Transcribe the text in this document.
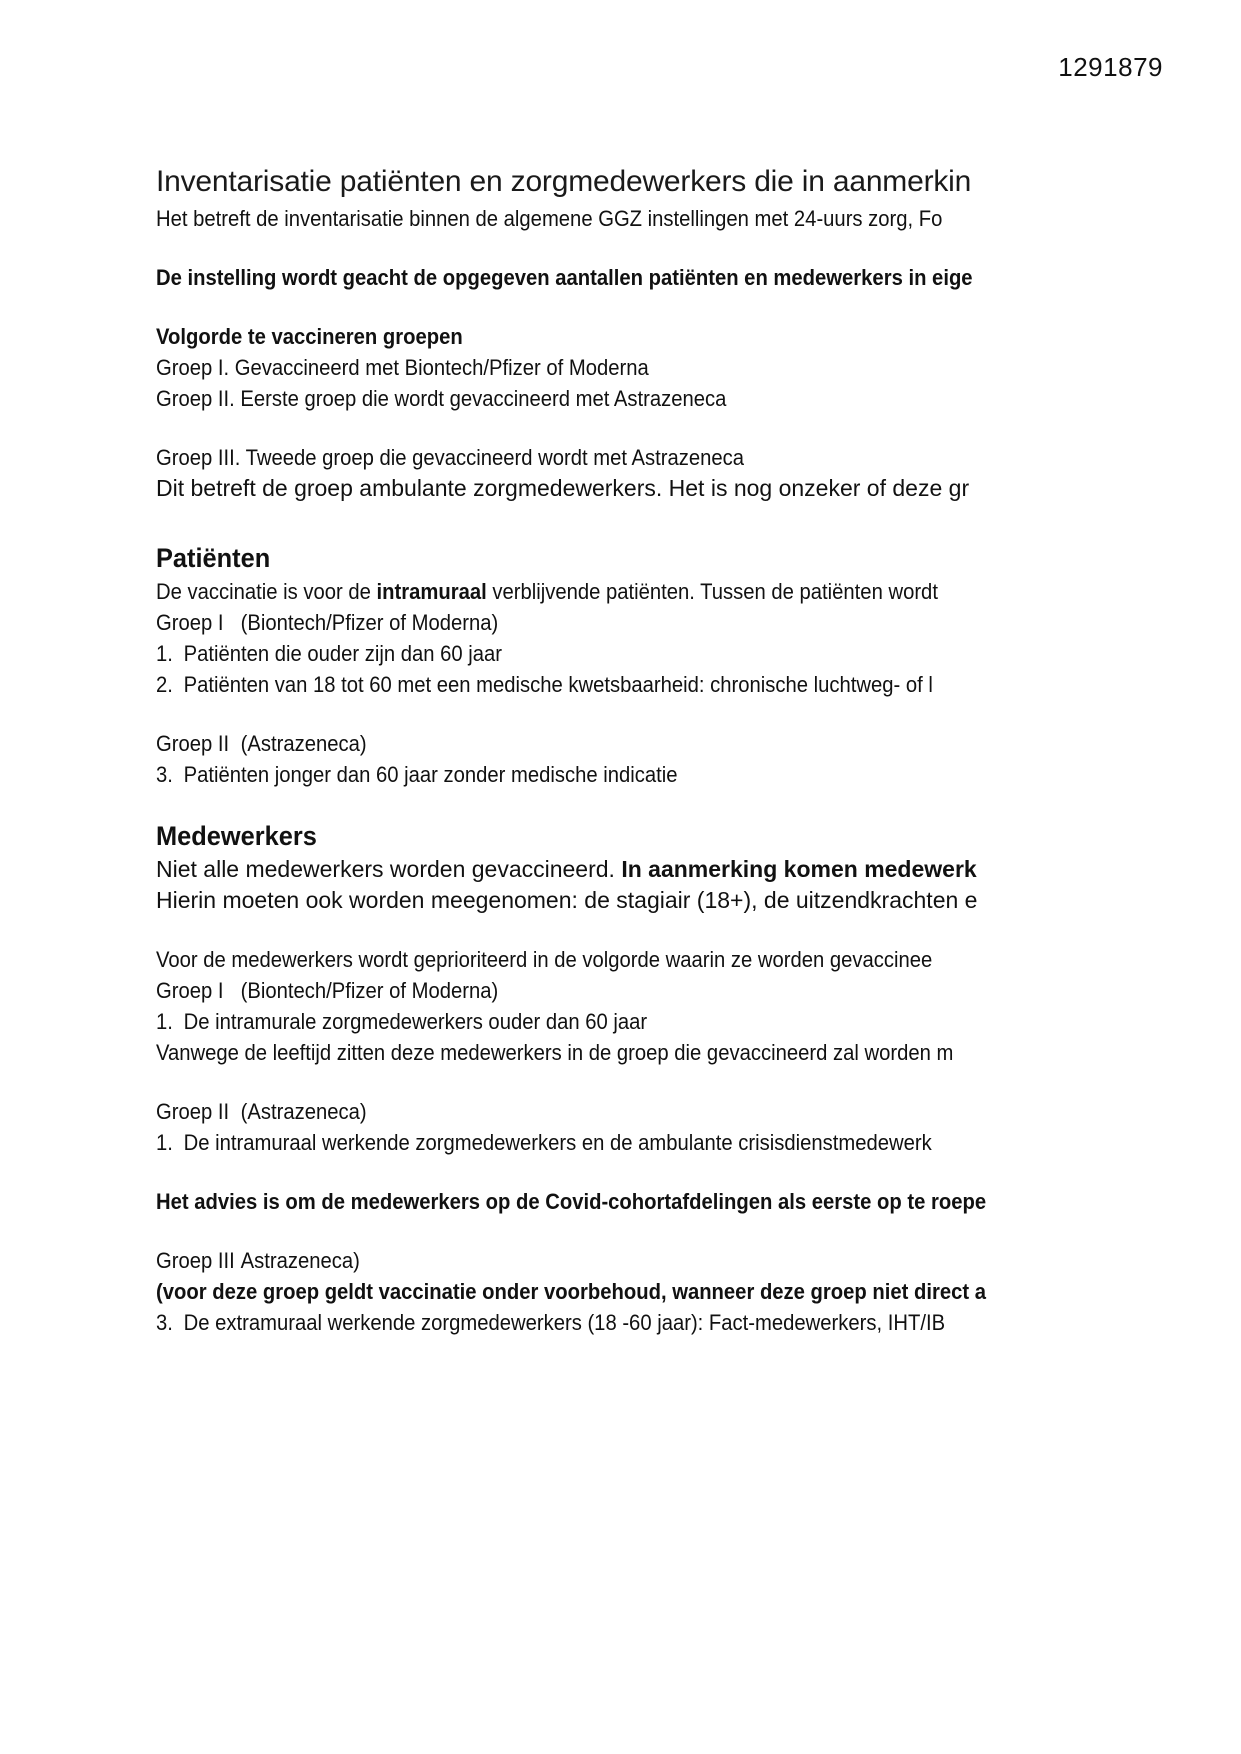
1291879
Inventarisatie patiënten en zorgmedewerkers die in aanmerkin

Het betreft de inventarisatie binnen de algemene GGZ instellingen met 24-uurs zorg, Fo

De instelling wordt geacht de opgegeven aantallen patiënten en medewerkers in eige

Volgorde te vaccineren groepen

Groep I. Gevaccineerd met Biontech/Pfizer of Moderna

Groep II. Eerste groep die wordt gevaccineerd met Astrazeneca

Groep III. Tweede groep die gevaccineerd wordt met Astrazeneca

Dit betreft de groep ambulante zorgmedewerkers. Het is nog onzeker of deze gr

Patiënten

De vaccinatie is voor de intramuraal verblijvende patiënten. Tussen de patiënten wordt

Groep I (Biontech/Pfizer of Moderna)

1. Patiënten die ouder zijn dan 60 jaar

2. Patiënten van 18 tot 60 met een medische kwetsbaarheid: chronische luchtweg- of l

Groep II (Astrazeneca)

3. Patiënten jonger dan 60 jaar zonder medische indicatie

Medewerkers

Niet alle medewerkers worden gevaccineerd. In aanmerking komen medewerk

Hierin moeten ook worden meegenomen: de stagiair (18+), de uitzendkrachten e

Voor de medewerkers wordt geprioriteerd in de volgorde waarin ze worden gevaccinee

Groep I (Biontech/Pfizer of Moderna)

1. De intramurale zorgmedewerkers ouder dan 60 jaar

Vanwege de leeftijd zitten deze medewerkers in de groep die gevaccineerd zal worden m

Groep II (Astrazeneca)

1. De intramuraal werkende zorgmedewerkers en de ambulante crisisdienstmedewerk

Het advies is om de medewerkers op de Covid-cohortafdelingen als eerste op te roepe

Groep III Astrazeneca)

(voor deze groep geldt vaccinatie onder voorbehoud, wanneer deze groep niet direct a

3. De extramuraal werkende zorgmedewerkers (18 -60 jaar): Fact-medewerkers, IHT/IB
